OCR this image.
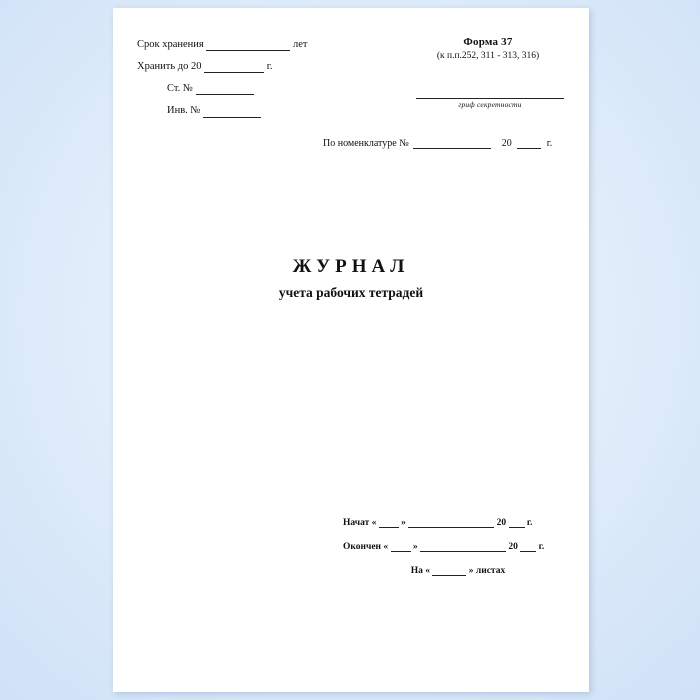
Срок хранения	лет
Хранить до 20	г.
Ст. №
Инв. №
Форма 37
(к п.п.252, 311 - 313, 316)
гриф секретности
По номенклатуре №	20	г.
ЖУРНАЛ
учета рабочих тетрадей
Начат «	»	20 г.
Окончен «	»	20 г.
На «	» листах
